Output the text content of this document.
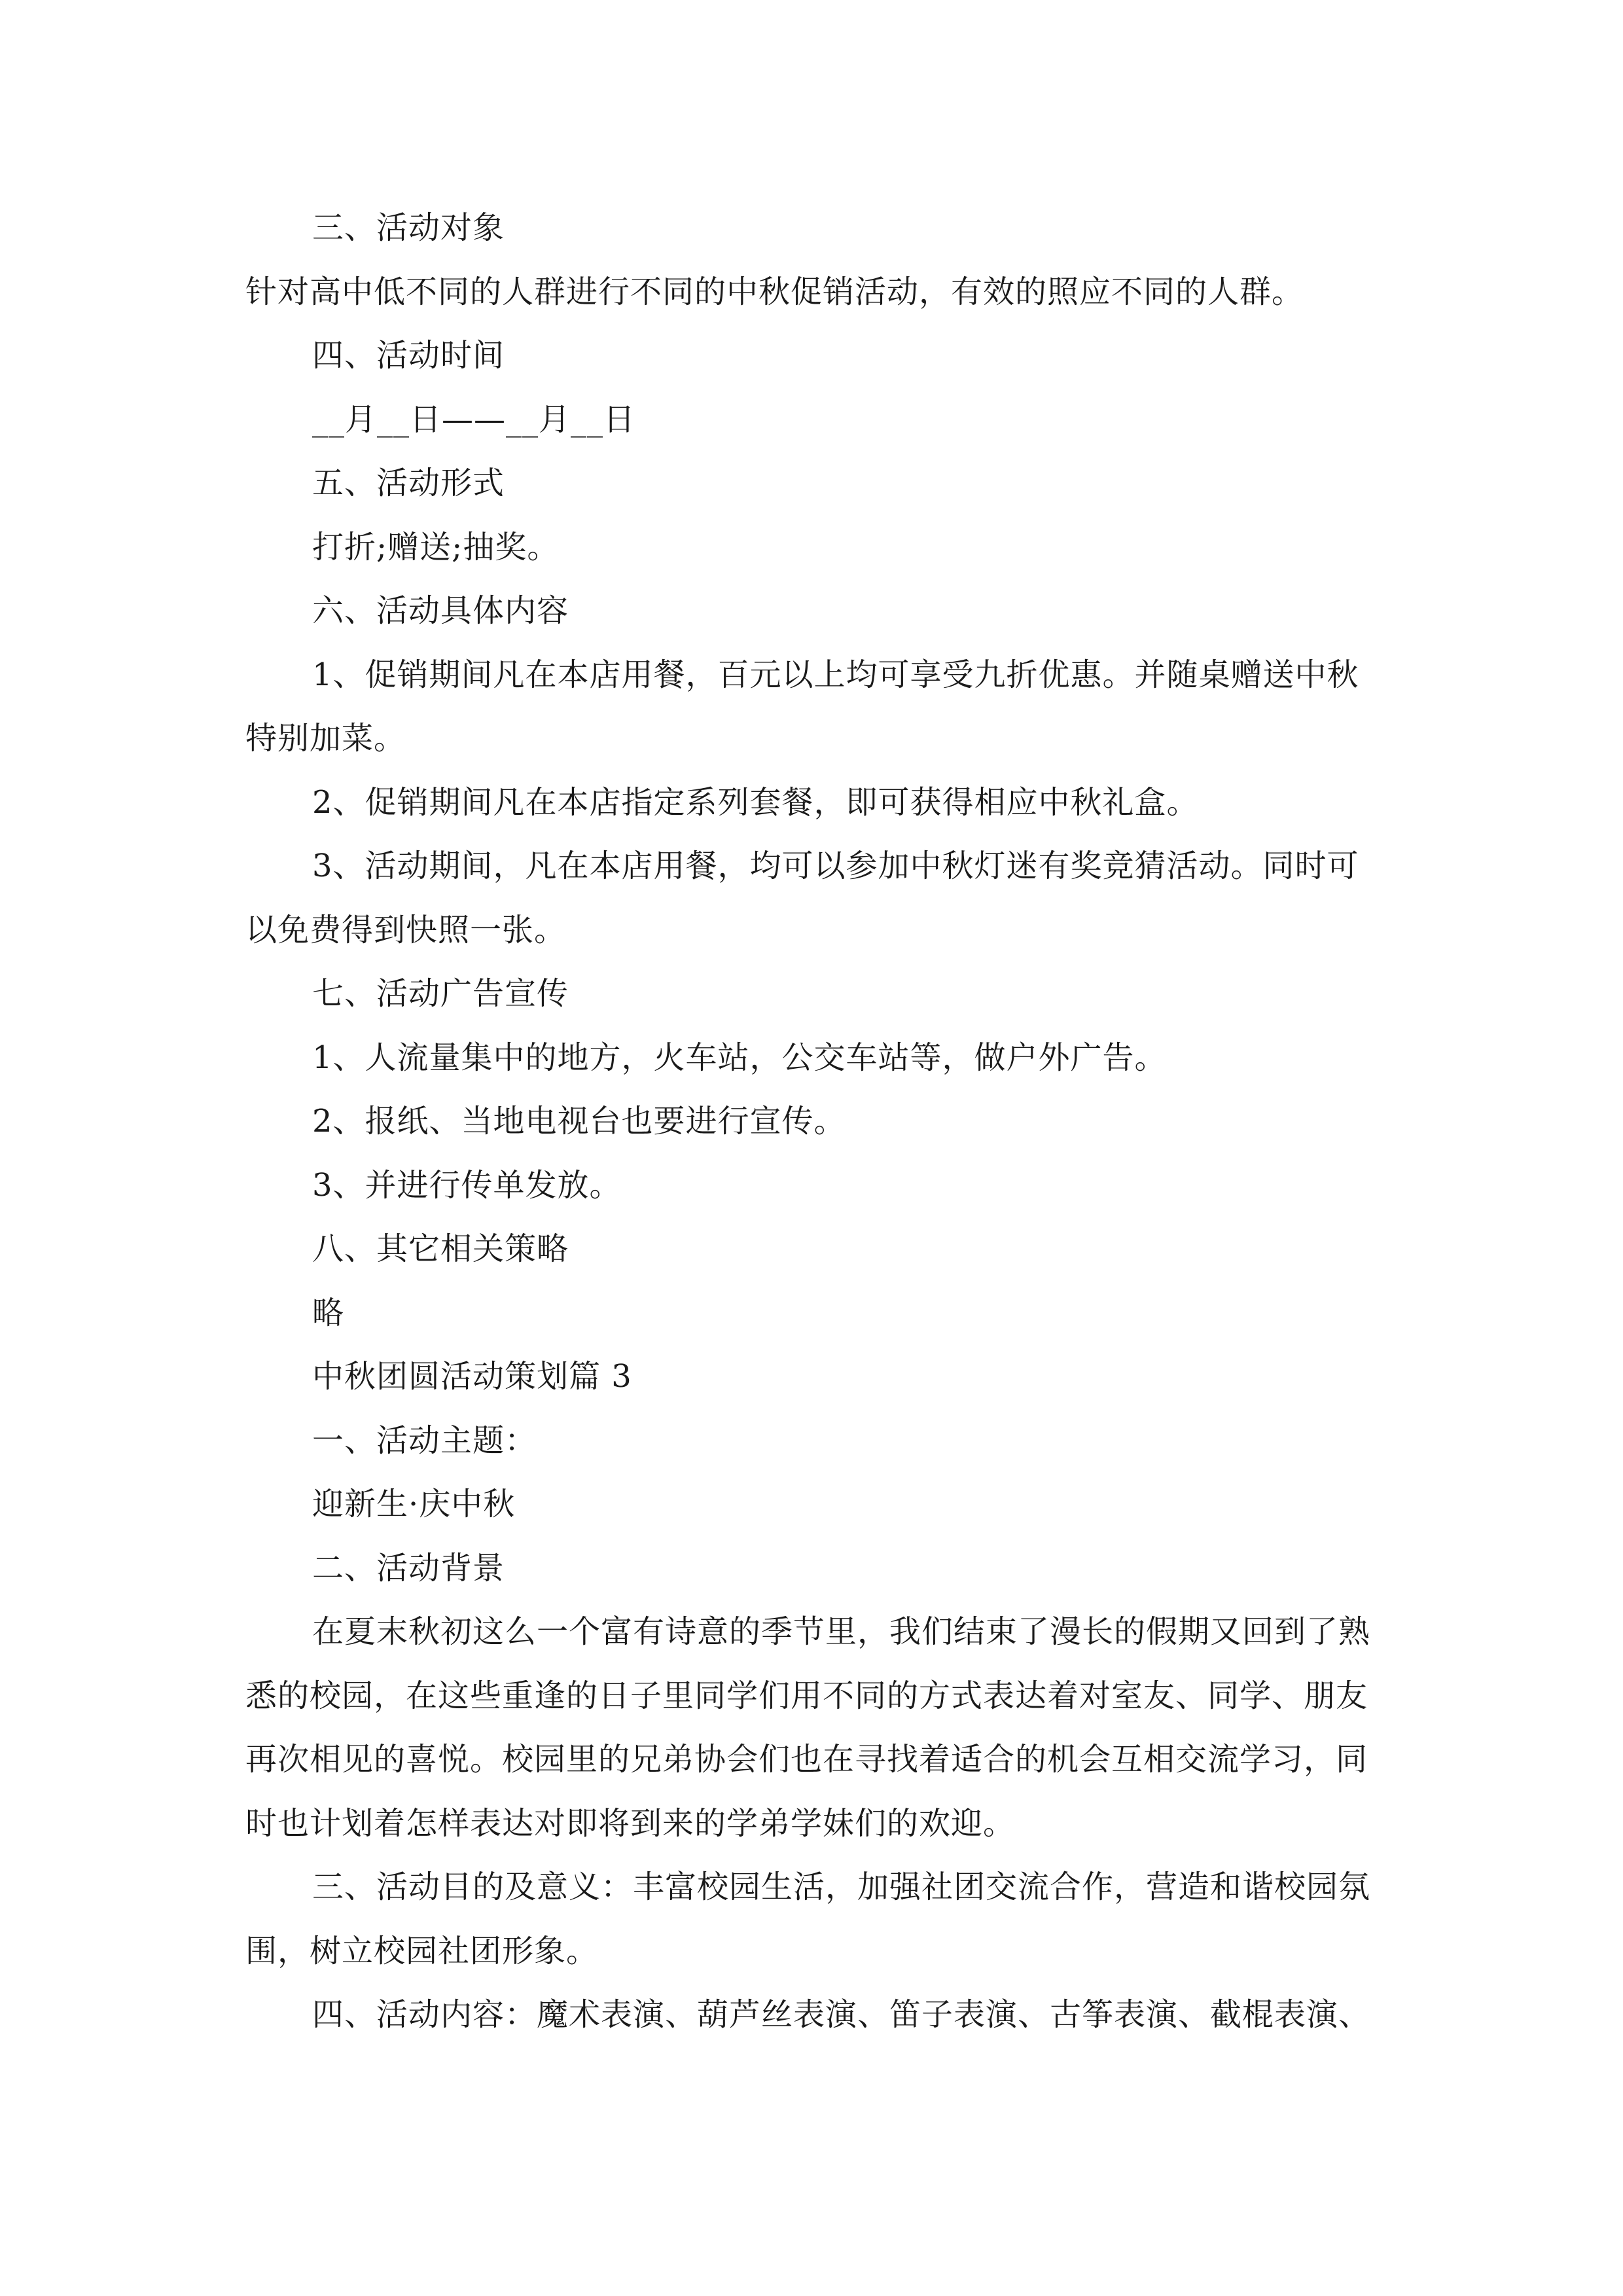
三、活动对象

针对高中低不同的人群进行不同的中秋促销活动，有效的照应不同的人群。

四、活动时间

__月__日——__月__日

五、活动形式

打折;赠送;抽奖。

六、活动具体内容

1、促销期间凡在本店用餐，百元以上均可享受九折优惠。并随桌赠送中秋
特别加菜。

2、促销期间凡在本店指定系列套餐，即可获得相应中秋礼盒。

3、活动期间，凡在本店用餐，均可以参加中秋灯迷有奖竞猜活动。同时可
以免费得到快照一张。

七、活动广告宣传

1、人流量集中的地方，火车站，公交车站等，做户外广告。

2、报纸、当地电视台也要进行宣传。

3、并进行传单发放。

八、其它相关策略

略

中秋团圆活动策划篇 3

一、活动主题：

迎新生·庆中秋

二、活动背景

在夏末秋初这么一个富有诗意的季节里，我们结束了漫长的假期又回到了熟
悉的校园，在这些重逢的日子里同学们用不同的方式表达着对室友、同学、朋友
再次相见的喜悦。校园里的兄弟协会们也在寻找着适合的机会互相交流学习，同
时也计划着怎样表达对即将到来的学弟学妹们的欢迎。
三、活动目的及意义：丰富校园生活，加强社团交流合作，营造和谐校园氛
围，树立校园社团形象。

四、活动内容：魔术表演、葫芦丝表演、笛子表演、古筝表演、截棍表演、
